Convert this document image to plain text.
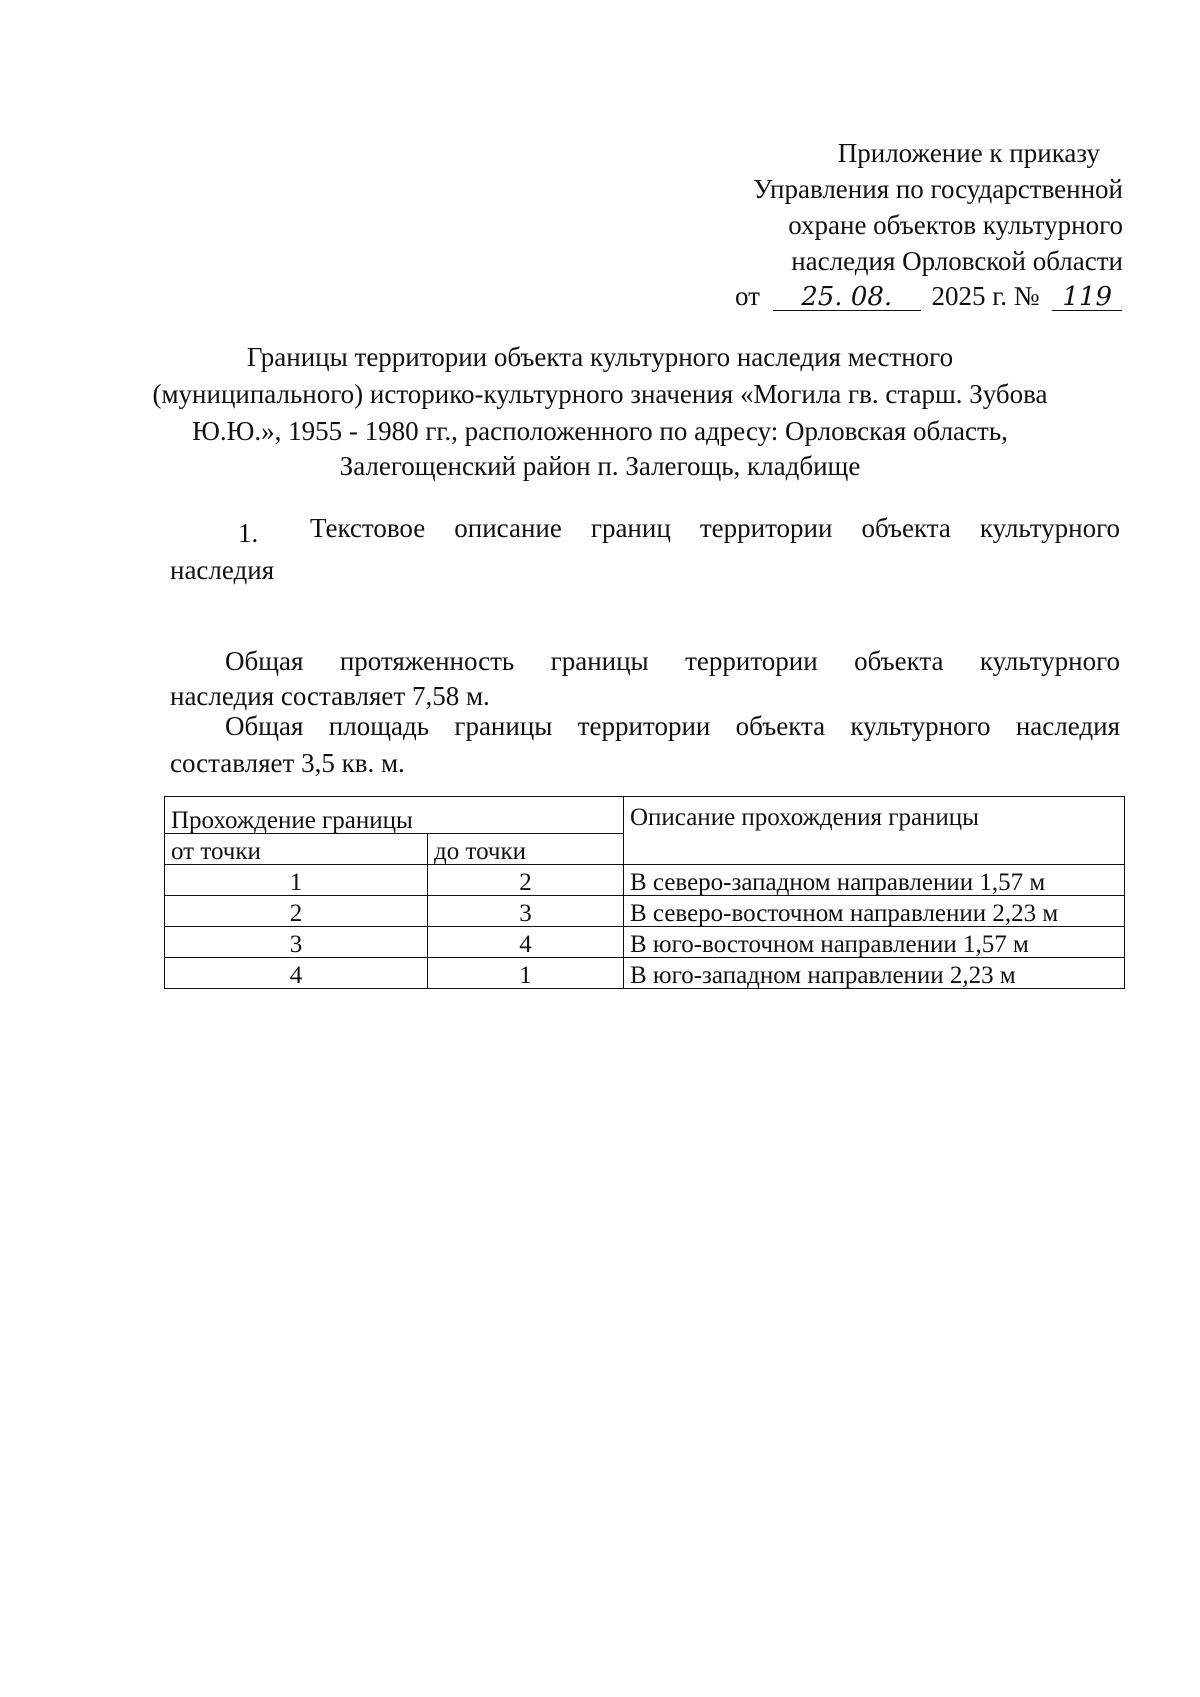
Приложение к приказу
Управления по государственной
охране объектов культурного
наследия Орловской области
от 25. 08. 2025 г. № 119
Границы территории объекта культурного наследия местного
(муниципального) историко-культурного значения «Могила гв. старш. Зубова
Ю.Ю.», 1955 - 1980 гг., расположенного по адресу: Орловская область,
Залегощенский район п. Залегощь, кладбище
1. Текстовое описание границ территории объекта культурного
наследия
Общая протяженность границы территории объекта культурного
наследия составляет 7,58 м.
Общая площадь границы территории объекта культурного наследия
составляет 3,5 кв. м.
Прохождение границы		Описание прохождения границы
от точки	до точки	
1	2	В северо-западном направлении 1,57 м
2	3	В северо-восточном направлении 2,23 м
3	4	В юго-восточном направлении 1,57 м
4	1	В юго-западном направлении 2,23 м
